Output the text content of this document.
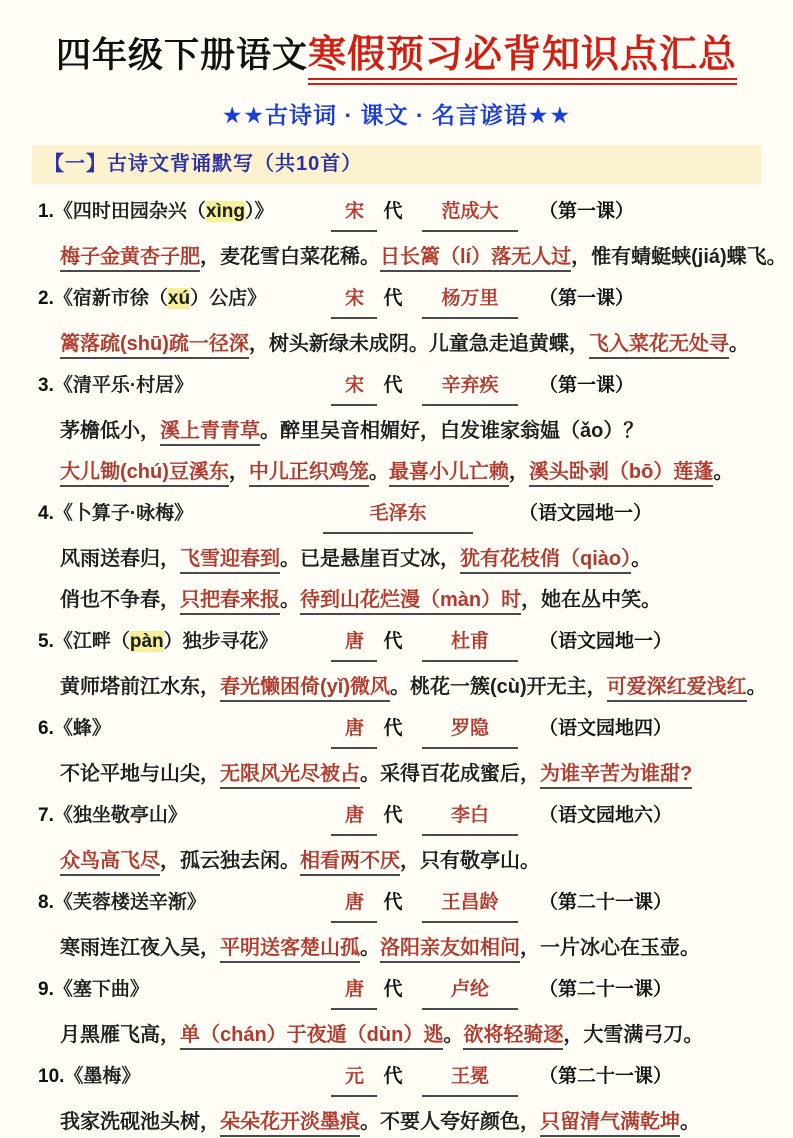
四年级下册语文寒假预习必背知识点汇总
★★古诗词 · 课文 · 名言谚语★★
【一】古诗文背诵默写（共10首）
1.《四时田园杂兴（xìng）》	宋	代	范成大	（第一课）
梅子金黄杏子肥，麦花雪白菜花稀。日长篱（lí）落无人过，惟有蜻蜓蛱(jiá)蝶飞。
2.《宿新市徐（xú）公店》	宋	代	杨万里	（第一课）
篱落疏(shū)疏一径深，树头新绿未成阴。儿童急走追黄蝶，飞入菜花无处寻。
3.《清平乐·村居》	宋	代	辛弃疾	（第一课）
茅檐低小，溪上青青草。醉里吴音相媚好，白发谁家翁媪（ǎo）？
大儿锄(chú)豆溪东，中儿正织鸡笼。最喜小儿亡赖，溪头卧剥（bō）莲蓬。
4.《卜算子·咏梅》	毛泽东	（语文园地一）
风雨送春归，飞雪迎春到。已是悬崖百丈冰，犹有花枝俏（qiào）。
俏也不争春，只把春来报。待到山花烂漫（màn）时，她在丛中笑。
5.《江畔（pàn）独步寻花》	唐	代	杜甫	（语文园地一）
黄师塔前江水东，春光懒困倚(yǐ)微风。桃花一簇(cù)开无主，可爱深红爱浅红。
6.《蜂》	唐	代	罗隐	（语文园地四）
不论平地与山尖，无限风光尽被占。采得百花成蜜后，为谁辛苦为谁甜?
7.《独坐敬亭山》	唐	代	李白	（语文园地六）
众鸟高飞尽，孤云独去闲。相看两不厌，只有敬亭山。
8.《芙蓉楼送辛渐》	唐	代	王昌龄	（第二十一课）
寒雨连江夜入吴，平明送客楚山孤。洛阳亲友如相问，一片冰心在玉壶。
9.《塞下曲》	唐	代	卢纶	（第二十一课）
月黑雁飞高，单（chán）于夜遁（dùn）逃。欲将轻骑逐，大雪满弓刀。
10.《墨梅》	元	代	王冕	（第二十一课）
我家洗砚池头树，朵朵花开淡墨痕。不要人夸好颜色，只留清气满乾坤。
